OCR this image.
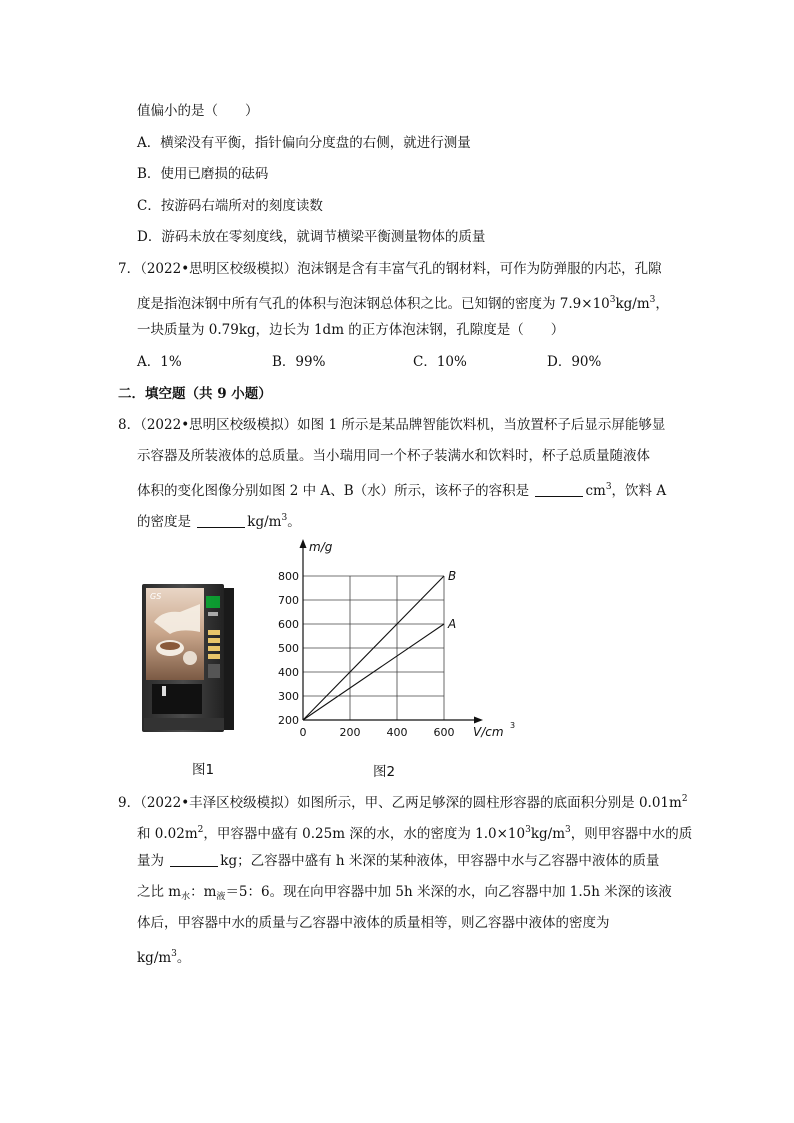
值偏小的是（　　）
A．横梁没有平衡，指针偏向分度盘的右侧，就进行测量
B．使用已磨损的砝码
C．按游码右端所对的刻度读数
D．游码未放在零刻度线，就调节横梁平衡测量物体的质量
7．（2022•思明区校级模拟）泡沫钢是含有丰富气孔的钢材料，可作为防弹服的内芯，孔隙
度是指泡沫钢中所有气孔的体积与泡沫钢总体积之比。已知钢的密度为 $7.9\times 10^3kg/m^3$，
一块质量为 0.79kg，边长为 1dm 的正方体泡沫钢，孔隙度是（　　）
A．1%	B．99%	C．10%	D．90%
二．填空题（共 9 小题）
8．（2022•思明区校级模拟）如图 1 所示是某品牌智能饮料机，当放置杯子后显示屏能够显
示容器及所装液体的总质量。当小瑞用同一个杯子装满水和饮料时，杯子总质量随液体
体积的变化图像分别如图 2 中 A、B（水）所示，该杯子的容积是	$cm^3$，饮料 A
的密度是	$kg/m^3$。
GS
图1
200
300
400
500
600
700
800
0	200 400 600
A
B
m/g
V/cm 3
图2
9．（2022•丰泽区校级模拟）如图所示，甲、乙两足够深的圆柱形容器的底面积分别是 $0.01m^2$
和 $0.02m^2$，甲容器中盛有 0.25m 深的水，水的密度为 $1.0\times 10^3kg/m^3$，则甲容器中水的质
量为	kg；乙容器中盛有 h 米深的某种液体，甲容器中水与乙容器中液体的质量
之比 $m_水$：$m_液=5$：6。现在向甲容器中加 5h 米深的水，向乙容器中加 1.5h 米深的该液
体后，甲容器中水的质量与乙容器中液体的质量相等，则乙容器中液体的密度为
$kg/m^3$。
